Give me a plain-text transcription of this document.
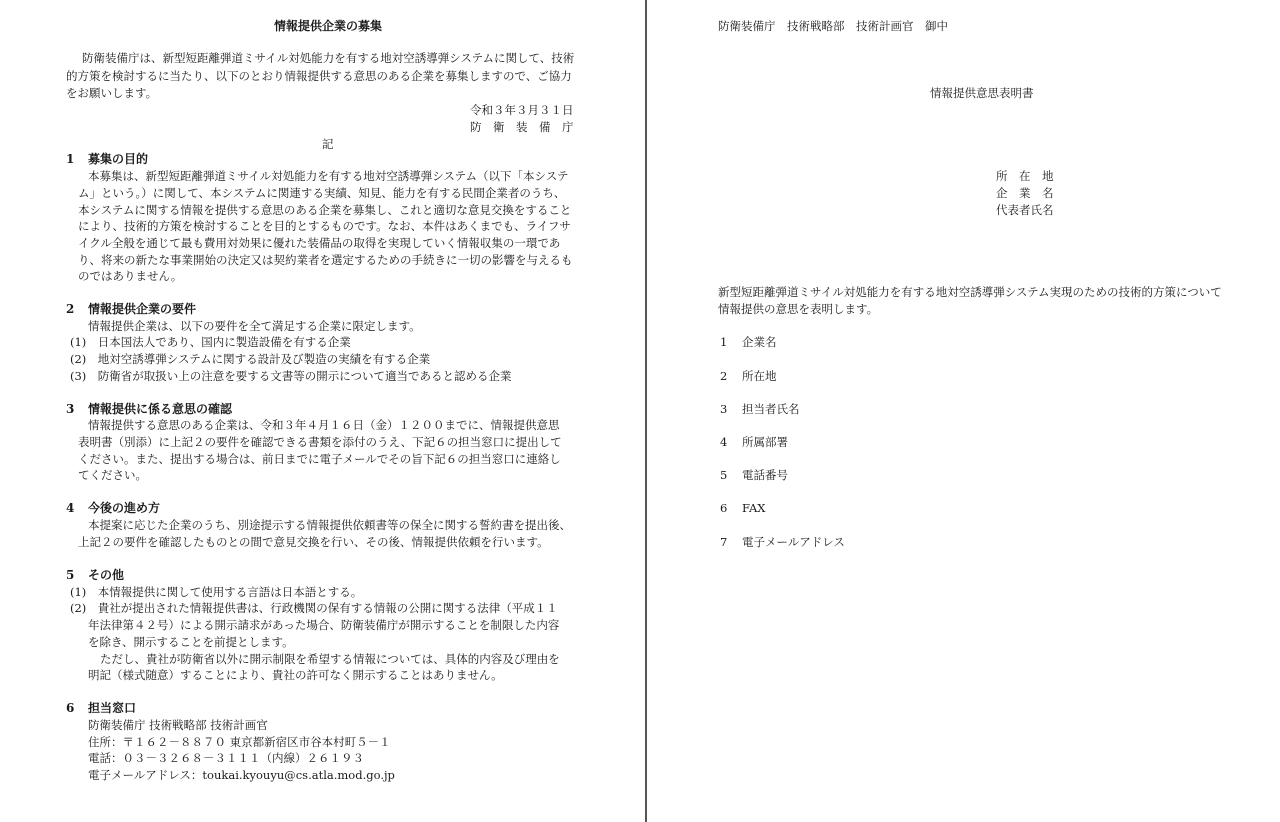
情報提供企業の募集

防衛装備庁は、新型短距離弾道ミサイル対処能力を有する地対空誘導弾システムに関して、技術

的方策を検討するに当たり、以下のとおり情報提供する意思のある企業を募集しますので、ご協力

をお願いします。

令和３年３月３１日

防　衛　装　備　庁

記

1 募集の目的

本募集は、新型短距離弾道ミサイル対処能力を有する地対空誘導弾システム（以下「本システ

ム」という。）に関して、本システムに関連する実績、知見、能力を有する民間企業者のうち、

本システムに関する情報を提供する意思のある企業を募集し、これと適切な意見交換をすること

により、技術的方策を検討することを目的とするものです。なお、本件はあくまでも、ライフサ

イクル全般を通じて最も費用対効果に優れた装備品の取得を実現していく情報収集の一環であ

り、将来の新たな事業開始の決定又は契約業者を選定するための手続きに一切の影響を与えるも

のではありません。

2 情報提供企業の要件

情報提供企業は、以下の要件を全て満足する企業に限定します。

(1)　日本国法人であり、国内に製造設備を有する企業

(2)　地対空誘導弾システムに関する設計及び製造の実績を有する企業

(3)　防衛省が取扱い上の注意を要する文書等の開示について適当であると認める企業

3 情報提供に係る意思の確認

情報提供する意思のある企業は、令和３年４月１６日（金）１２００までに、情報提供意思

表明書（別添）に上記２の要件を確認できる書類を添付のうえ、下記６の担当窓口に提出して

ください。また、提出する場合は、前日までに電子メールでその旨下記６の担当窓口に連絡し

てください。

4 今後の進め方

本提案に応じた企業のうち、別途提示する情報提供依頼書等の保全に関する誓約書を提出後、

上記２の要件を確認したものとの間で意見交換を行い、その後、情報提供依頼を行います。

5 その他

(1)　本情報提供に関して使用する言語は日本語とする。

(2)　貴社が提出された情報提供書は、行政機関の保有する情報の公開に関する法律（平成１１

年法律第４２号）による開示請求があった場合、防衛装備庁が開示することを制限した内容

を除き、開示することを前提とします。

ただし、貴社が防衛省以外に開示制限を希望する情報については、具体的内容及び理由を

明記（様式随意）することにより、貴社の許可なく開示することはありません。

6 担当窓口

防衛装備庁 技術戦略部 技術計画官

住所：〒１６２－８８７０ 東京都新宿区市谷本村町５－１

電話：０３－３２６８－３１１１（内線）２６１９３

電子メールアドレス：toukai.kyouyu@cs.atla.mod.go.jp

防衛装備庁　技術戦略部　技術計画官　御中

情報提供意思表明書

所　在　地

企　業　名

代表者氏名

新型短距離弾道ミサイル対処能力を有する地対空誘導弾システム実現のための技術的方策について

情報提供の意思を表明します。

1 企業名

2 所在地

3 担当者氏名

4 所属部署

5 電話番号

6 FAX

7 電子メールアドレス
